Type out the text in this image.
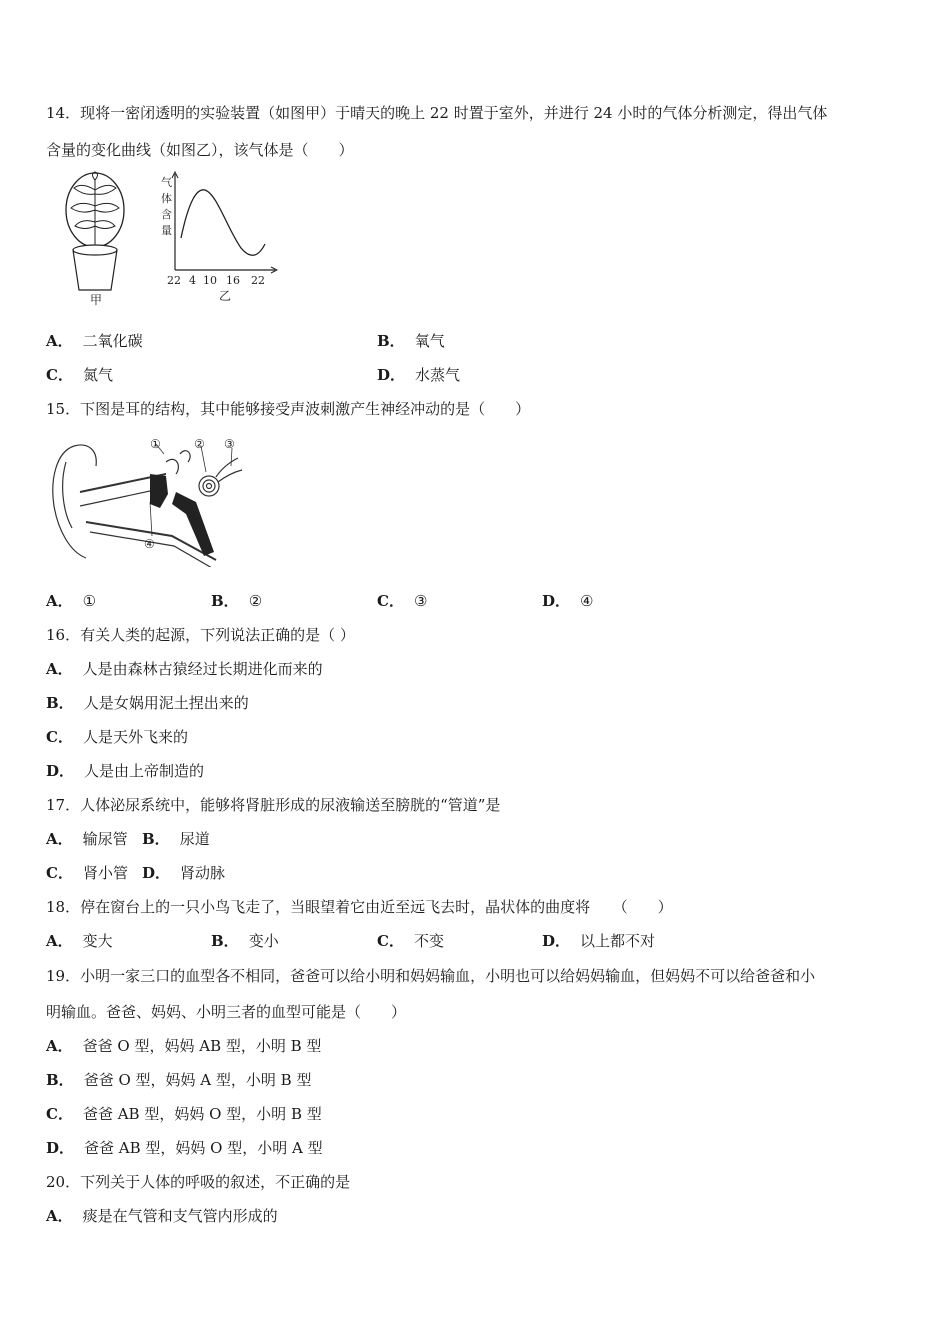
14．现将一密闭透明的实验装置（如图甲）于晴天的晚上 22 时置于室外，并进行 24 小时的气体分析测定，得出气体
含量的变化曲线（如图乙），该气体是（　　）
甲
气
体
含
量
22 4 10 16 22
乙
A． 二氧化碳	B． 氧气
C． 氮气	D． 水蒸气
15．下图是耳的结构，其中能够接受声波刺激产生神经冲动的是（　　）
①	② ③
④
A． ①	B． ②	C． ③	D． ④
16．有关人类的起源，下列说法正确的是（ ）
A． 人是由森林古猿经过长期进化而来的
B． 人是女娲用泥土捏出来的
C． 人是天外飞来的
D． 人是由上帝制造的
17．人体泌尿系统中，能够将肾脏形成的尿液输送至膀胱的“管道”是
A． 输尿管 B． 尿道
C． 肾小管 D． 肾动脉
18．停在窗台上的一只小鸟飞走了，当眼望着它由近至远飞去时，晶状体的曲度将　　（　　）
A． 变大	B． 变小	C． 不变	D． 以上都不对
19．小明一家三口的血型各不相同，爸爸可以给小明和妈妈输血，小明也可以给妈妈输血，但妈妈不可以给爸爸和小
明输血。爸爸、妈妈、小明三者的血型可能是（　　）
A． 爸爸 O 型，妈妈 AB 型，小明 B 型
B． 爸爸 O 型，妈妈 A 型，小明 B 型
C． 爸爸 AB 型，妈妈 O 型，小明 B 型
D． 爸爸 AB 型，妈妈 O 型，小明 A 型
20．下列关于人体的呼吸的叙述，不正确的是
A． 痰是在气管和支气管内形成的
